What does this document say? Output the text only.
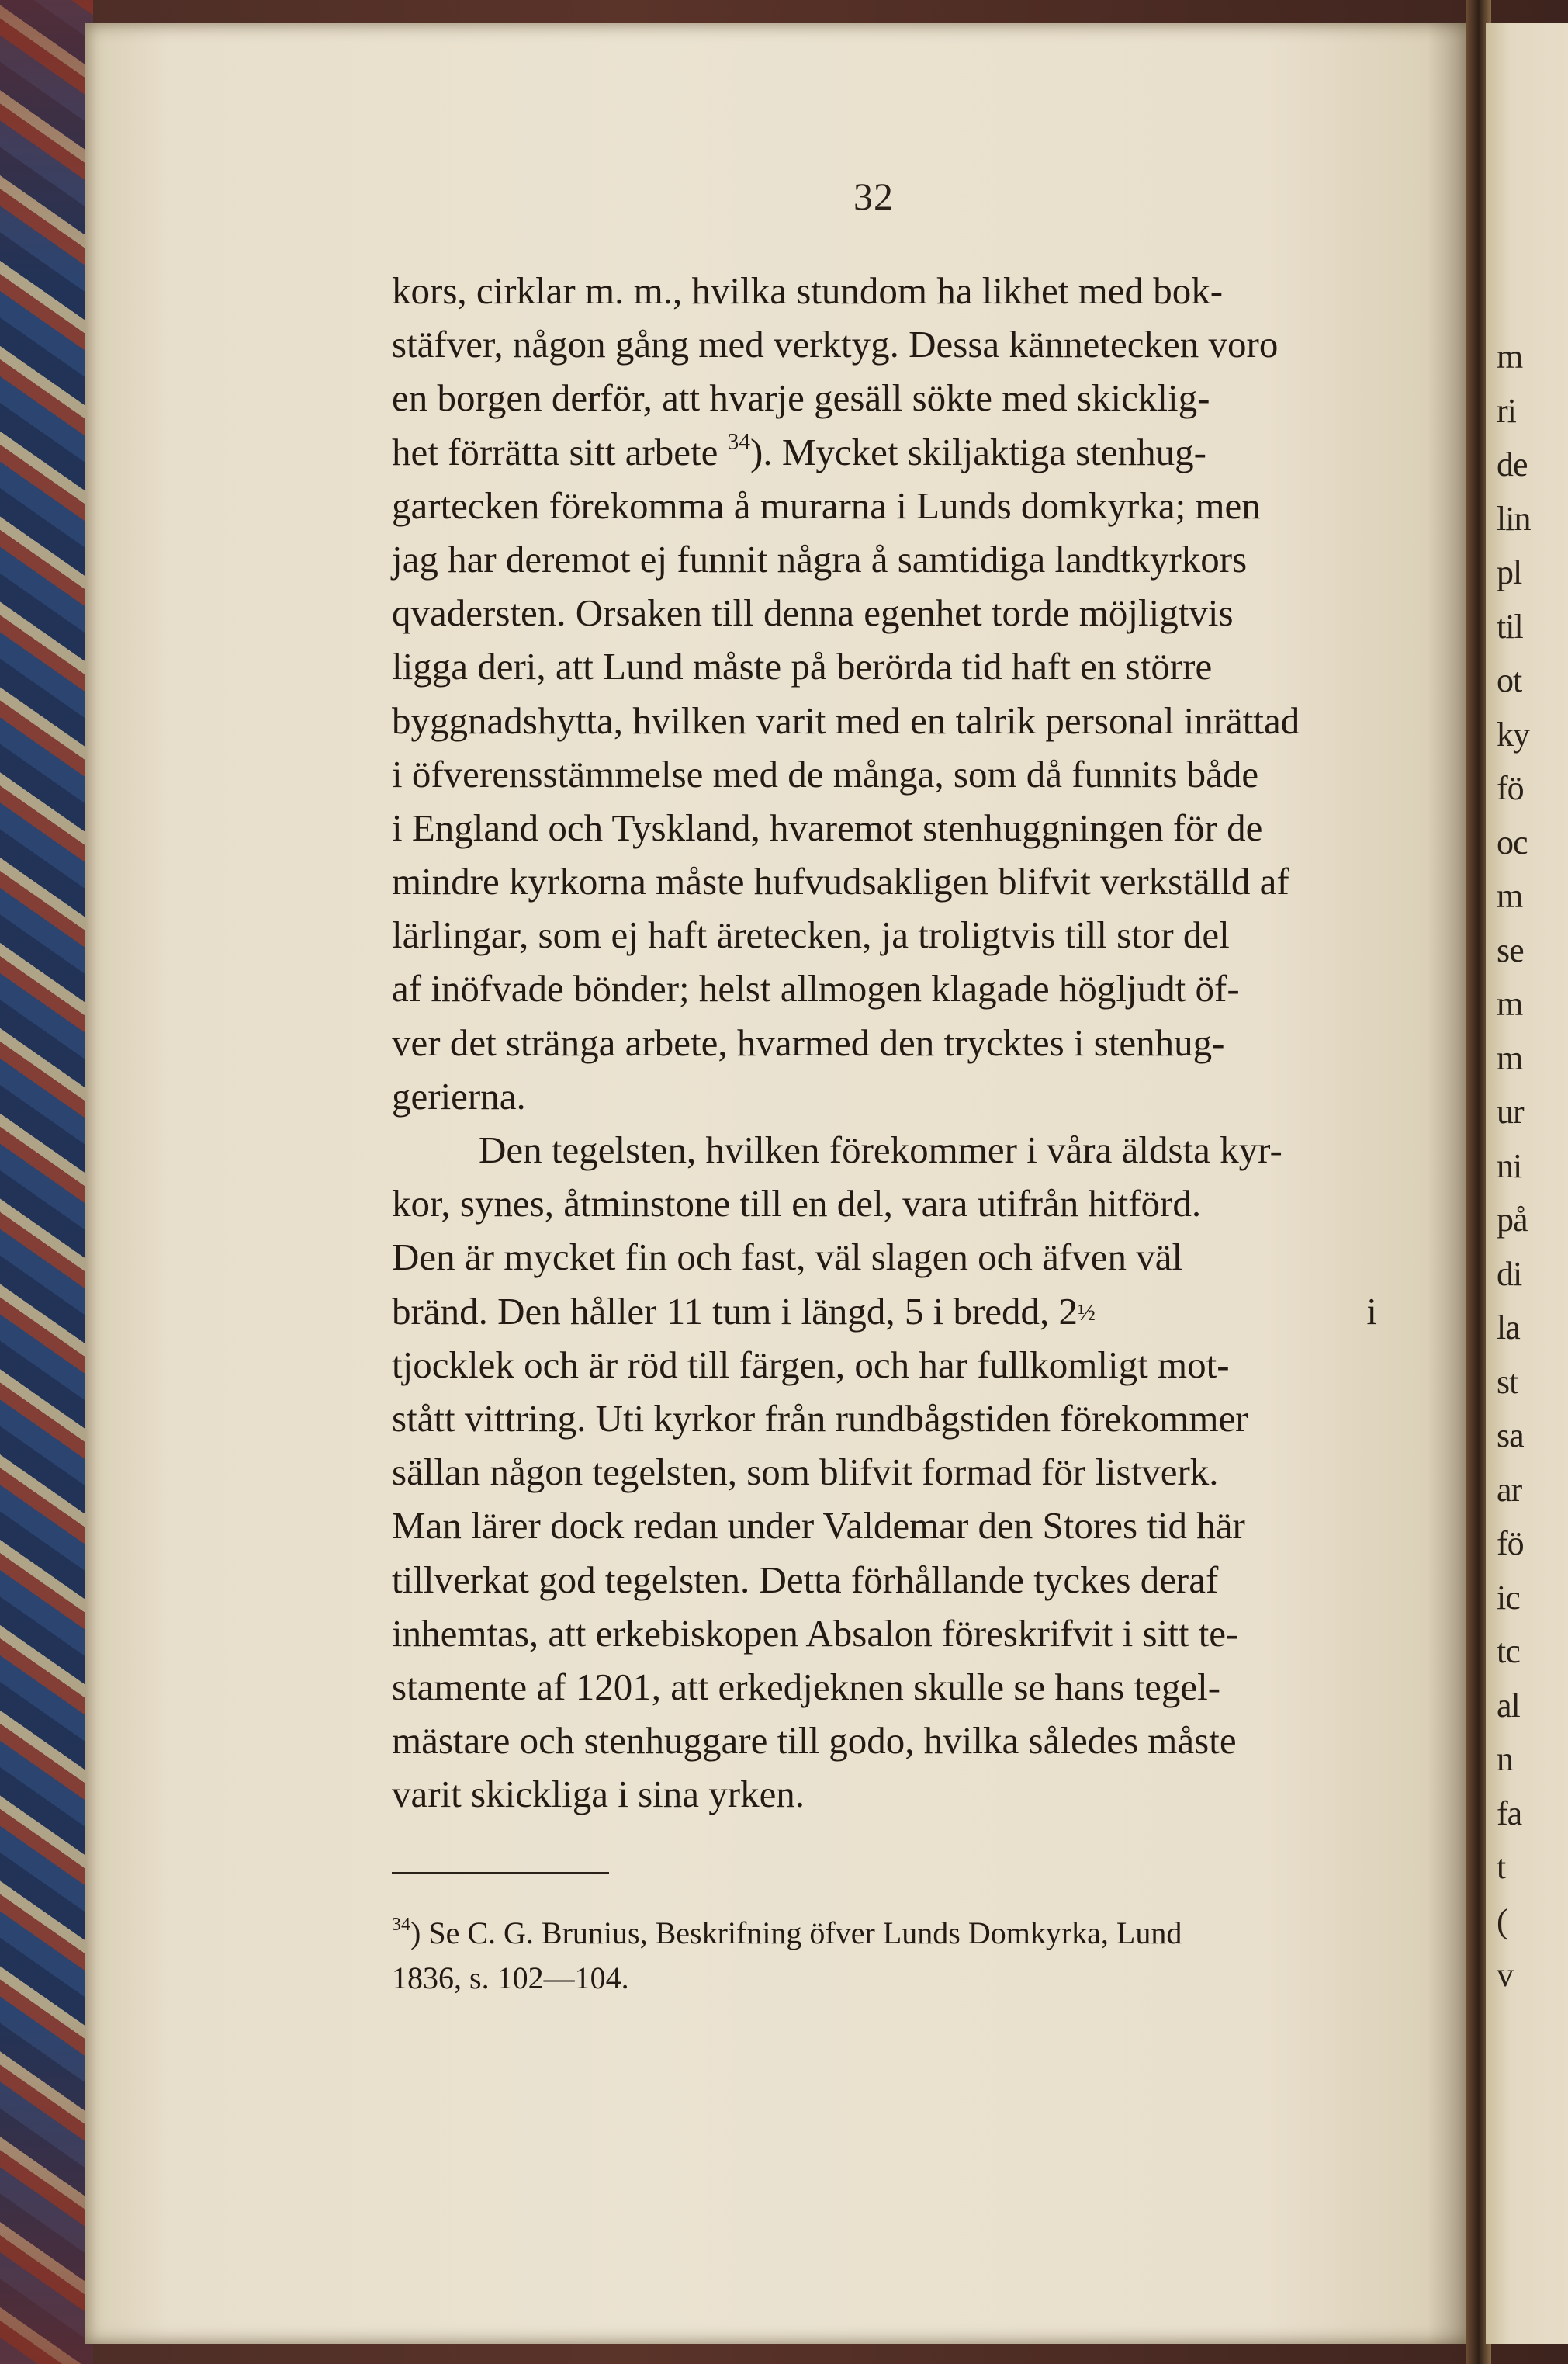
m
ri
de
lin
pl
til
ot
ky
fö
oc
m
se
m
m
ur
ni
på
di
la
st
sa
ar
fö
ic
tc
al
n
fa
t
(
v
32
kors, cirklar m. m., hvilka stundom ha likhet med bok-
stäfver, någon gång med verktyg. Dessa kännetecken voro
en borgen derför, att hvarje gesäll sökte med skicklig-
het förrätta sitt arbete $^{34}$). Mycket skiljaktiga stenhug-
gartecken förekomma å murarna i Lunds domkyrka; men
jag har deremot ej funnit några å samtidiga landtkyrkors
qvadersten. Orsaken till denna egenhet torde möjligtvis
ligga deri, att Lund måste på berörda tid haft en större
byggnadshytta, hvilken varit med en talrik personal inrättad
i öfverensstämmelse med de många, som då funnits både
i England och Tyskland, hvaremot stenhuggningen för de
mindre kyrkorna måste hufvudsakligen blifvit verkställd af
lärlingar, som ej haft äretecken, ja troligtvis till stor del
af inöfvade bönder; helst allmogen klagade högljudt öf-
ver det stränga arbete, hvarmed den trycktes i stenhug-
gerierna.
Den tegelsten, hvilken förekommer i våra äldsta kyr-
kor, synes, åtminstone till en del, vara utifrån hitförd.
Den är mycket fin och fast, väl slagen och äfven väl
bränd. Den håller 11 tum i längd, 5 i bredd, 2½	i
tjocklek och är röd till färgen, och har fullkomligt mot-
stått vittring. Uti kyrkor från rundbågstiden förekommer
sällan någon tegelsten, som blifvit formad för listverk.
Man lärer dock redan under Valdemar den Stores tid här
tillverkat god tegelsten. Detta förhållande tyckes deraf
inhemtas, att erkebiskopen Absalon föreskrifvit i sitt te-
stamente af 1201, att erkedjeknen skulle se hans tegel-
mästare och stenhuggare till godo, hvilka således måste
varit skickliga i sina yrken.
$^{34}$) Se C. G. Brunius, Beskrifning öfver Lunds Domkyrka, Lund
1836, s. 102—104.
